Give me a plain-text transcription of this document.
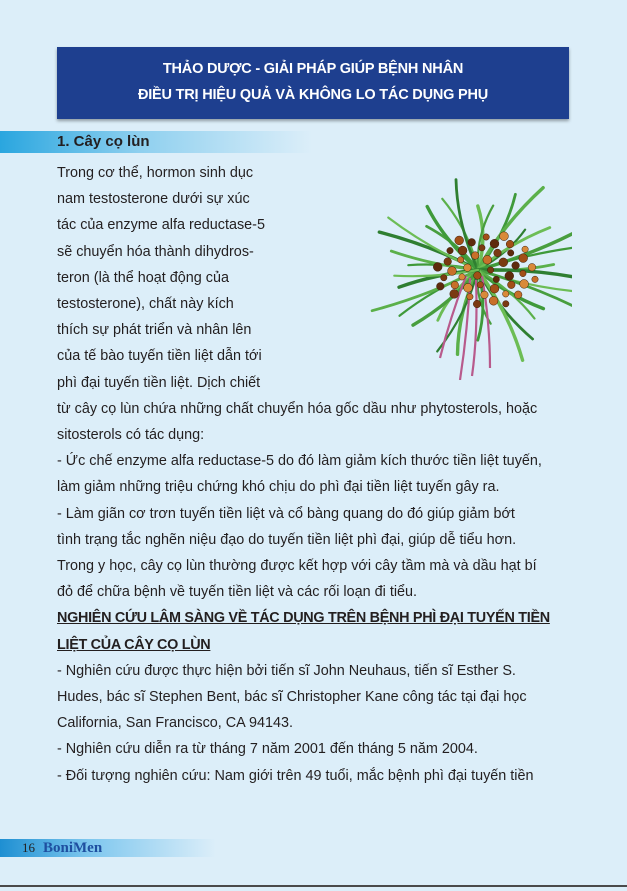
THẢO DƯỢC - GIẢI PHÁP GIÚP BỆNH NHÂN
ĐIỀU TRỊ HIỆU QUẢ VÀ KHÔNG LO TÁC DỤNG PHỤ
1. Cây cọ lùn

Trong cơ thể, hormon sinh dục

nam testosterone dưới sự xúc

tác của enzyme alfa reductase-5

sẽ chuyển hóa thành dihydros-

teron (là thể hoạt động của

testosterone), chất này kích

thích sự phát triển và nhân lên

của tế bào tuyến tiền liệt dẫn tới

phì đại tuyến tiền liệt. Dịch chiết

từ cây cọ lùn chứa những chất chuyển hóa gốc dầu như phytosterols, hoặc

sitosterols có tác dụng:

- Ức chế enzyme alfa reductase-5 do đó làm giảm kích thước tiền liệt tuyến,

làm giảm những triệu chứng khó chịu do phì đại tiền liệt tuyến gây ra.

- Làm giãn cơ trơn tuyến tiền liệt và cổ bàng quang do đó giúp giảm bớt

tình trạng tắc nghẽn niệu đạo do tuyến tiền liệt phì đại, giúp dễ tiểu hơn.

Trong y học, cây cọ lùn thường được kết hợp với cây tầm mà và dầu hạt bí

đỏ để chữa bệnh về tuyến tiền liệt và các rối loạn đi tiểu.

NGHIÊN CỨU LÂM SÀNG VỀ TÁC DỤNG TRÊN BỆNH PHÌ ĐẠI TUYẾN TIỀN

LIỆT CỦA CÂY CỌ LÙN

- Nghiên cứu được thực hiện bởi tiến sĩ John Neuhaus, tiến sĩ Esther S.

Hudes, bác sĩ Stephen Bent, bác sĩ Christopher Kane công tác tại đại học

California, San Francisco, CA 94143.

- Nghiên cứu diễn ra từ tháng 7 năm 2001 đến tháng 5 năm 2004.

- Đối tượng nghiên cứu: Nam giới trên 49 tuổi, mắc bệnh phì đại tuyến tiền

16 BoniMen
